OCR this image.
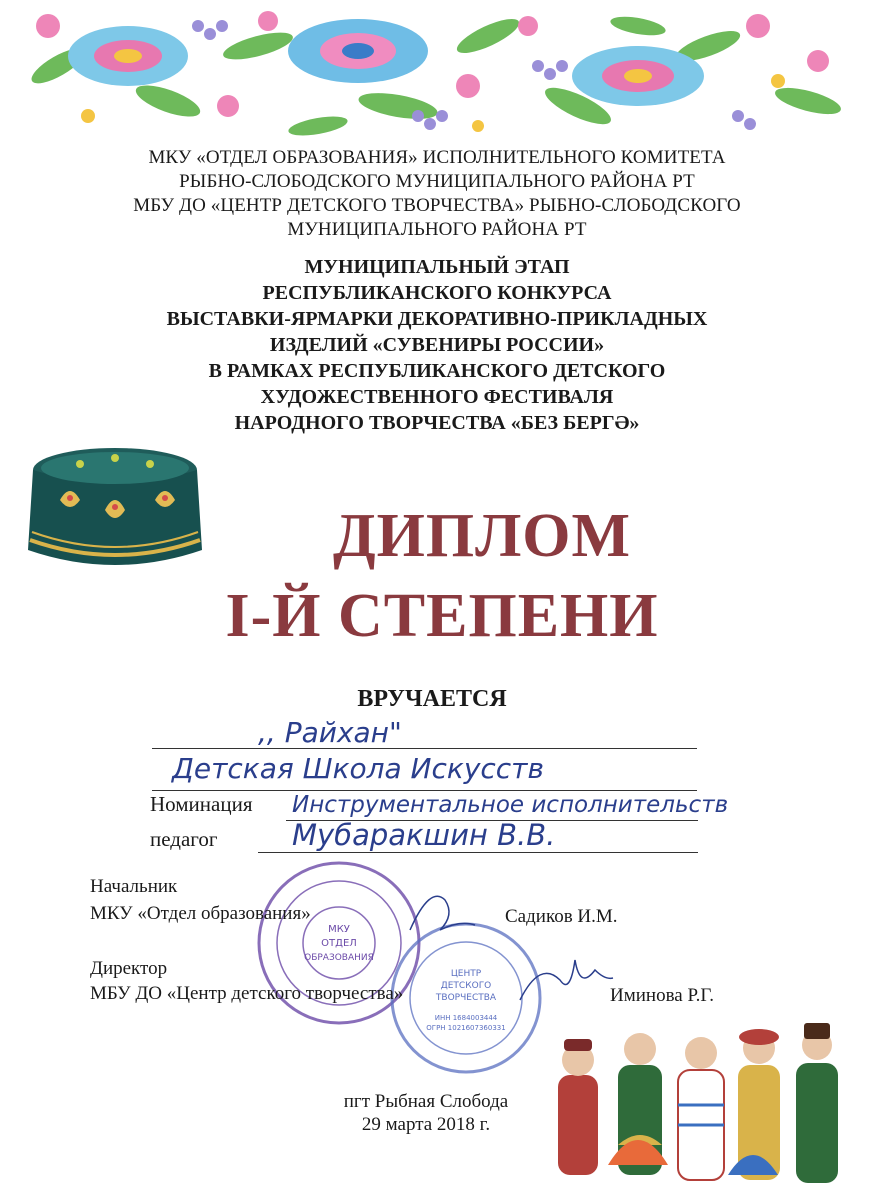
МКУ «ОТДЕЛ ОБРАЗОВАНИЯ» ИСПОЛНИТЕЛЬНОГО КОМИТЕТА
РЫБНО-СЛОБОДСКОГО МУНИЦИПАЛЬНОГО РАЙОНА РТ
МБУ ДО «ЦЕНТР ДЕТСКОГО ТВОРЧЕСТВА» РЫБНО-СЛОБОДСКОГО
МУНИЦИПАЛЬНОГО РАЙОНА РТ
МУНИЦИПАЛЬНЫЙ ЭТАП
РЕСПУБЛИКАНСКОГО КОНКУРСА
ВЫСТАВКИ-ЯРМАРКИ ДЕКОРАТИВНО-ПРИКЛАДНЫХ
ИЗДЕЛИЙ «СУВЕНИРЫ РОССИИ»
В РАМКАХ РЕСПУБЛИКАНСКОГО ДЕТСКОГО
ХУДОЖЕСТВЕННОГО ФЕСТИВАЛЯ
НАРОДНОГО ТВОРЧЕСТВА «БЕЗ БЕРГӘ»
ДИПЛОМ
I-Й СТЕПЕНИ
ВРУЧАЕТСЯ
,, Райхан"
Детская Школа Искусств
Номинация Инструментальное исполнительств
педагог	Мубаракшин В.В.
МКУ
ОТДЕЛ
ОБРАЗОВАНИЯ
ЦЕНТР
ДЕТСКОГО
ТВОРЧЕСТВА
ИНН 1684003444
ОГРН 1021607360331
Начальник
МКУ «Отдел образования»	Садиков И.М.
Директор
МБУ ДО «Центр детского творчества»	Иминова Р.Г.
пгт Рыбная Слобода
29 марта 2018 г.
